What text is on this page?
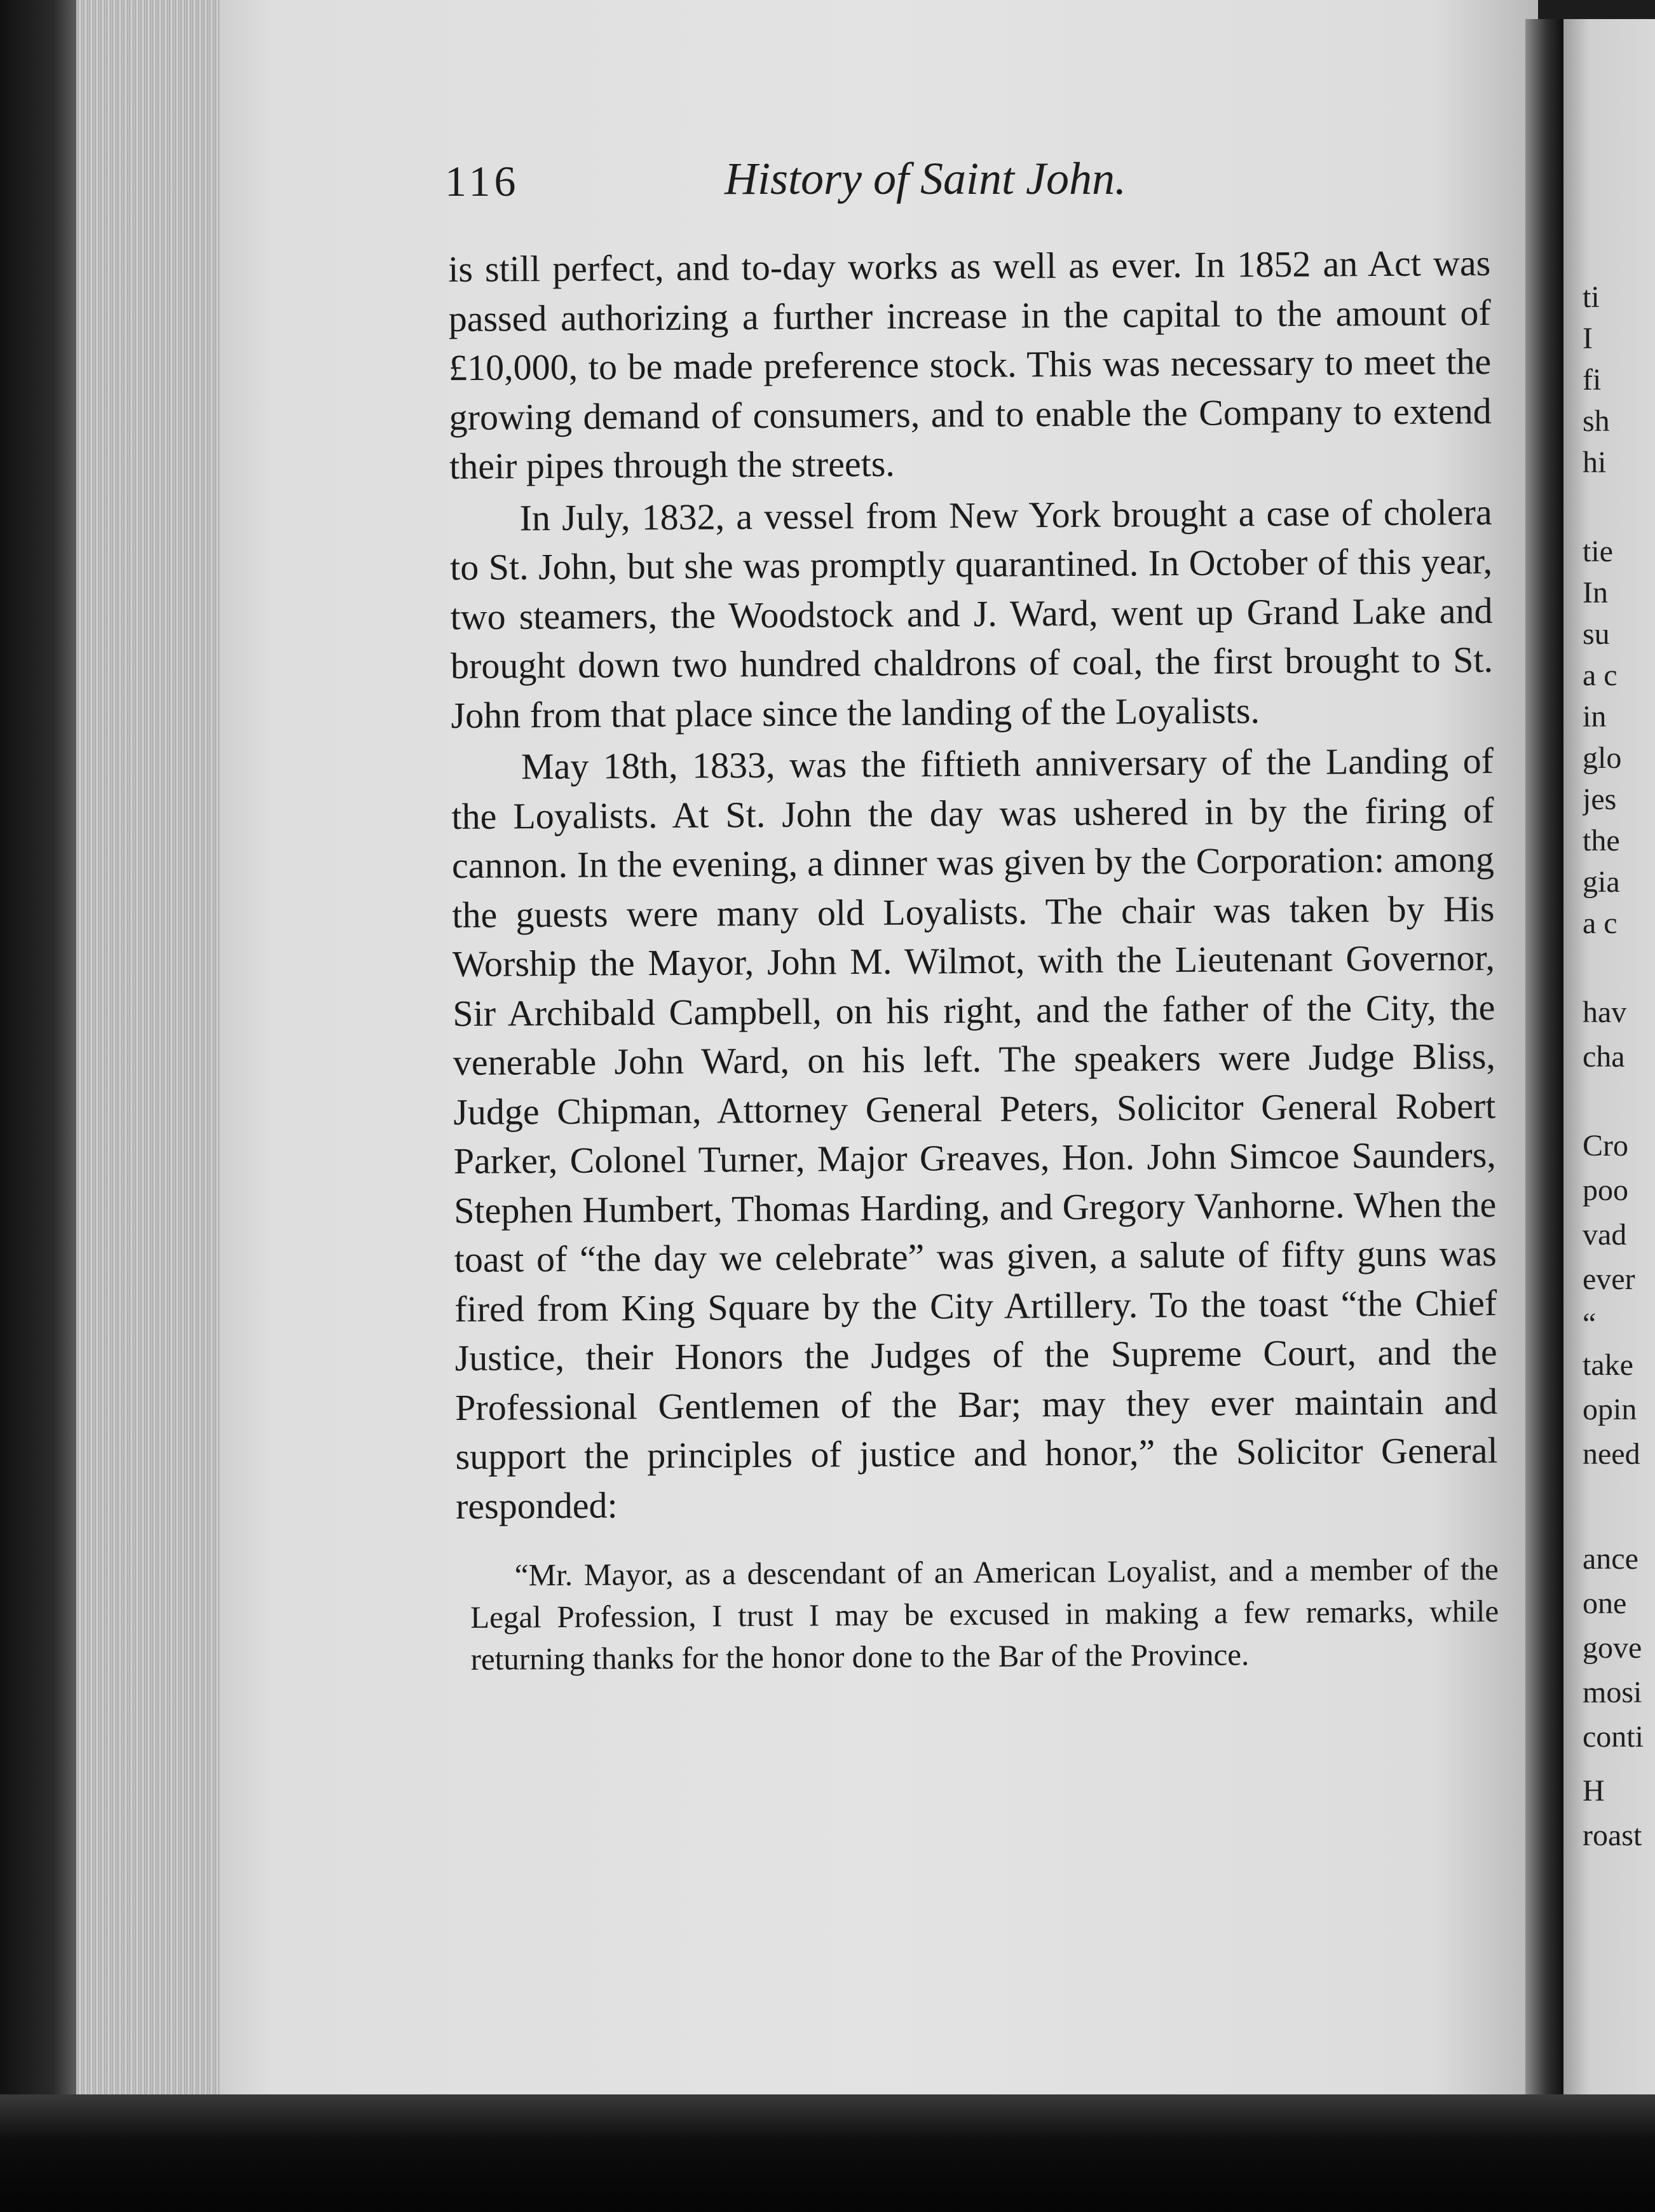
116	History of Saint John.

is still perfect, and to-day works as well as ever. In 1852 an Act was passed authorizing a further increase in the capital to the amount of £10,000, to be made preference stock. This was necessary to meet the growing demand of consumers, and to enable the Company to extend their pipes through the streets.

In July, 1832, a vessel from New York brought a case of cholera to St. John, but she was promptly quarantined. In October of this year, two steamers, the Woodstock and J. Ward, went up Grand Lake and brought down two hundred chaldrons of coal, the first brought to St. John from that place since the landing of the Loyalists.

May 18th, 1833, was the fiftieth anniversary of the Landing of the Loyalists. At St. John the day was ushered in by the firing of cannon. In the evening, a dinner was given by the Corporation: among the guests were many old Loyalists. The chair was taken by His Worship the Mayor, John M. Wilmot, with the Lieutenant Governor, Sir Archibald Campbell, on his right, and the father of the City, the venerable John Ward, on his left. The speakers were Judge Bliss, Judge Chipman, Attorney General Peters, Solicitor General Robert Parker, Colonel Turner, Major Greaves, Hon. John Simcoe Saunders, Stephen Humbert, Thomas Harding, and Gregory Vanhorne. When the toast of “the day we celebrate” was given, a salute of fifty guns was fired from King Square by the City Artillery. To the toast “the Chief Justice, their Honors the Judges of the Supreme Court, and the Professional Gentlemen of the Bar; may they ever maintain and support the principles of justice and honor,” the Solicitor General responded:

“Mr. Mayor, as a descendant of an American Loyalist, and a member of the Legal Profession, I trust I may be excused in making a few remarks, while returning thanks for the honor done to the Bar of the Province.

ti
I
fi
sh
hi
tie
In
su
a c
in
glo
jes
the
gia
a c
hav
cha
Cro
poo
vad
ever
“
take
opin
need
ance
one
gove
mosi
conti
H
roast
